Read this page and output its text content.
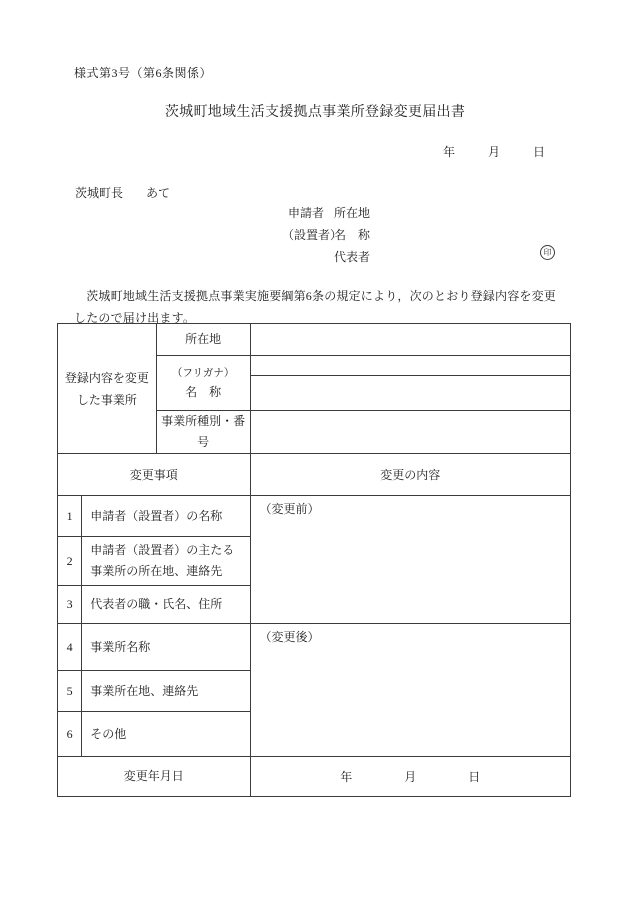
様式第3号（第6条関係）
茨城町地域生活支援拠点事業所登録変更届出書
年	月	日
茨城町長 あて
申請者 所在地
（設置者）
名　称
代表者	印
　茨城町地域生活支援拠点事業実施要綱第6条の規定により，次のとおり登録内容を変更
したので届け出ます。
登録内容を変更した事業所		所在地	

		（フリガナ）
名　称	

		事業所種別・番号	
変更事項			変更の内容
1	申請者（設置者）の名称		（変更前）
2	申請者（設置者）の主たる事業所の所在地、連絡先		
3	代表者の職・氏名、住所		
4	事業所名称		（変更後）
5	事業所在地、連絡先		
6	その他		
変更年月日			年 月 日
